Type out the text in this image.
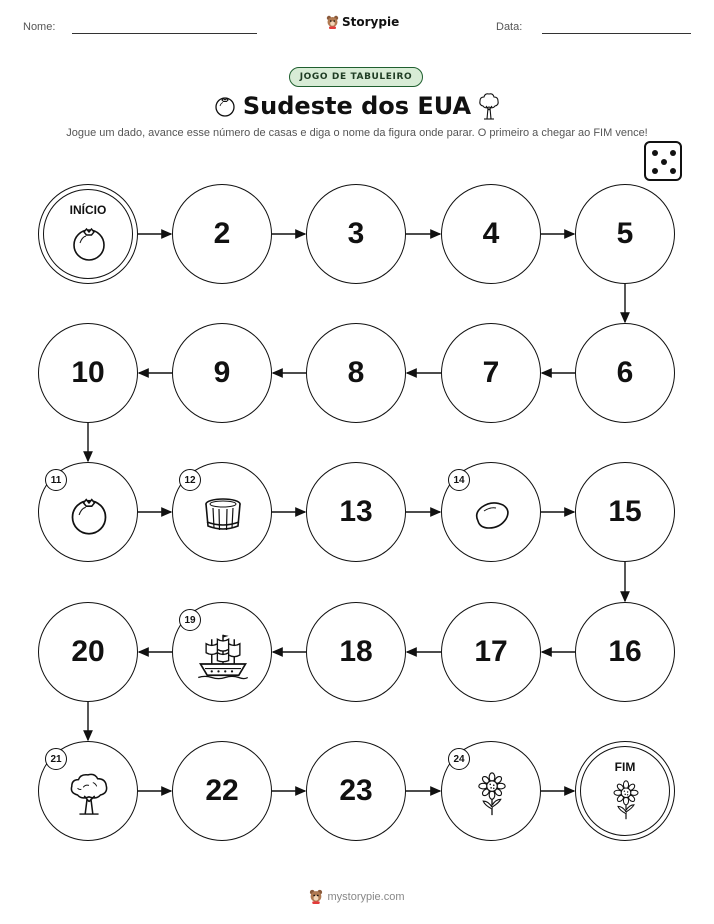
Nome:	Storypie	Data:
JOGO DE TABULEIRO
Sudeste dos EUA
Jogue um dado, avance esse número de casas e diga o nome da figura onde parar. O primeiro a chegar ao FIM vence!
INÍCIO
2	3	4	5
6
7
8
9
10
11	12
13
14
15
16
17
18
19
20
21
22	23
24
FIM
mystorypie.com
